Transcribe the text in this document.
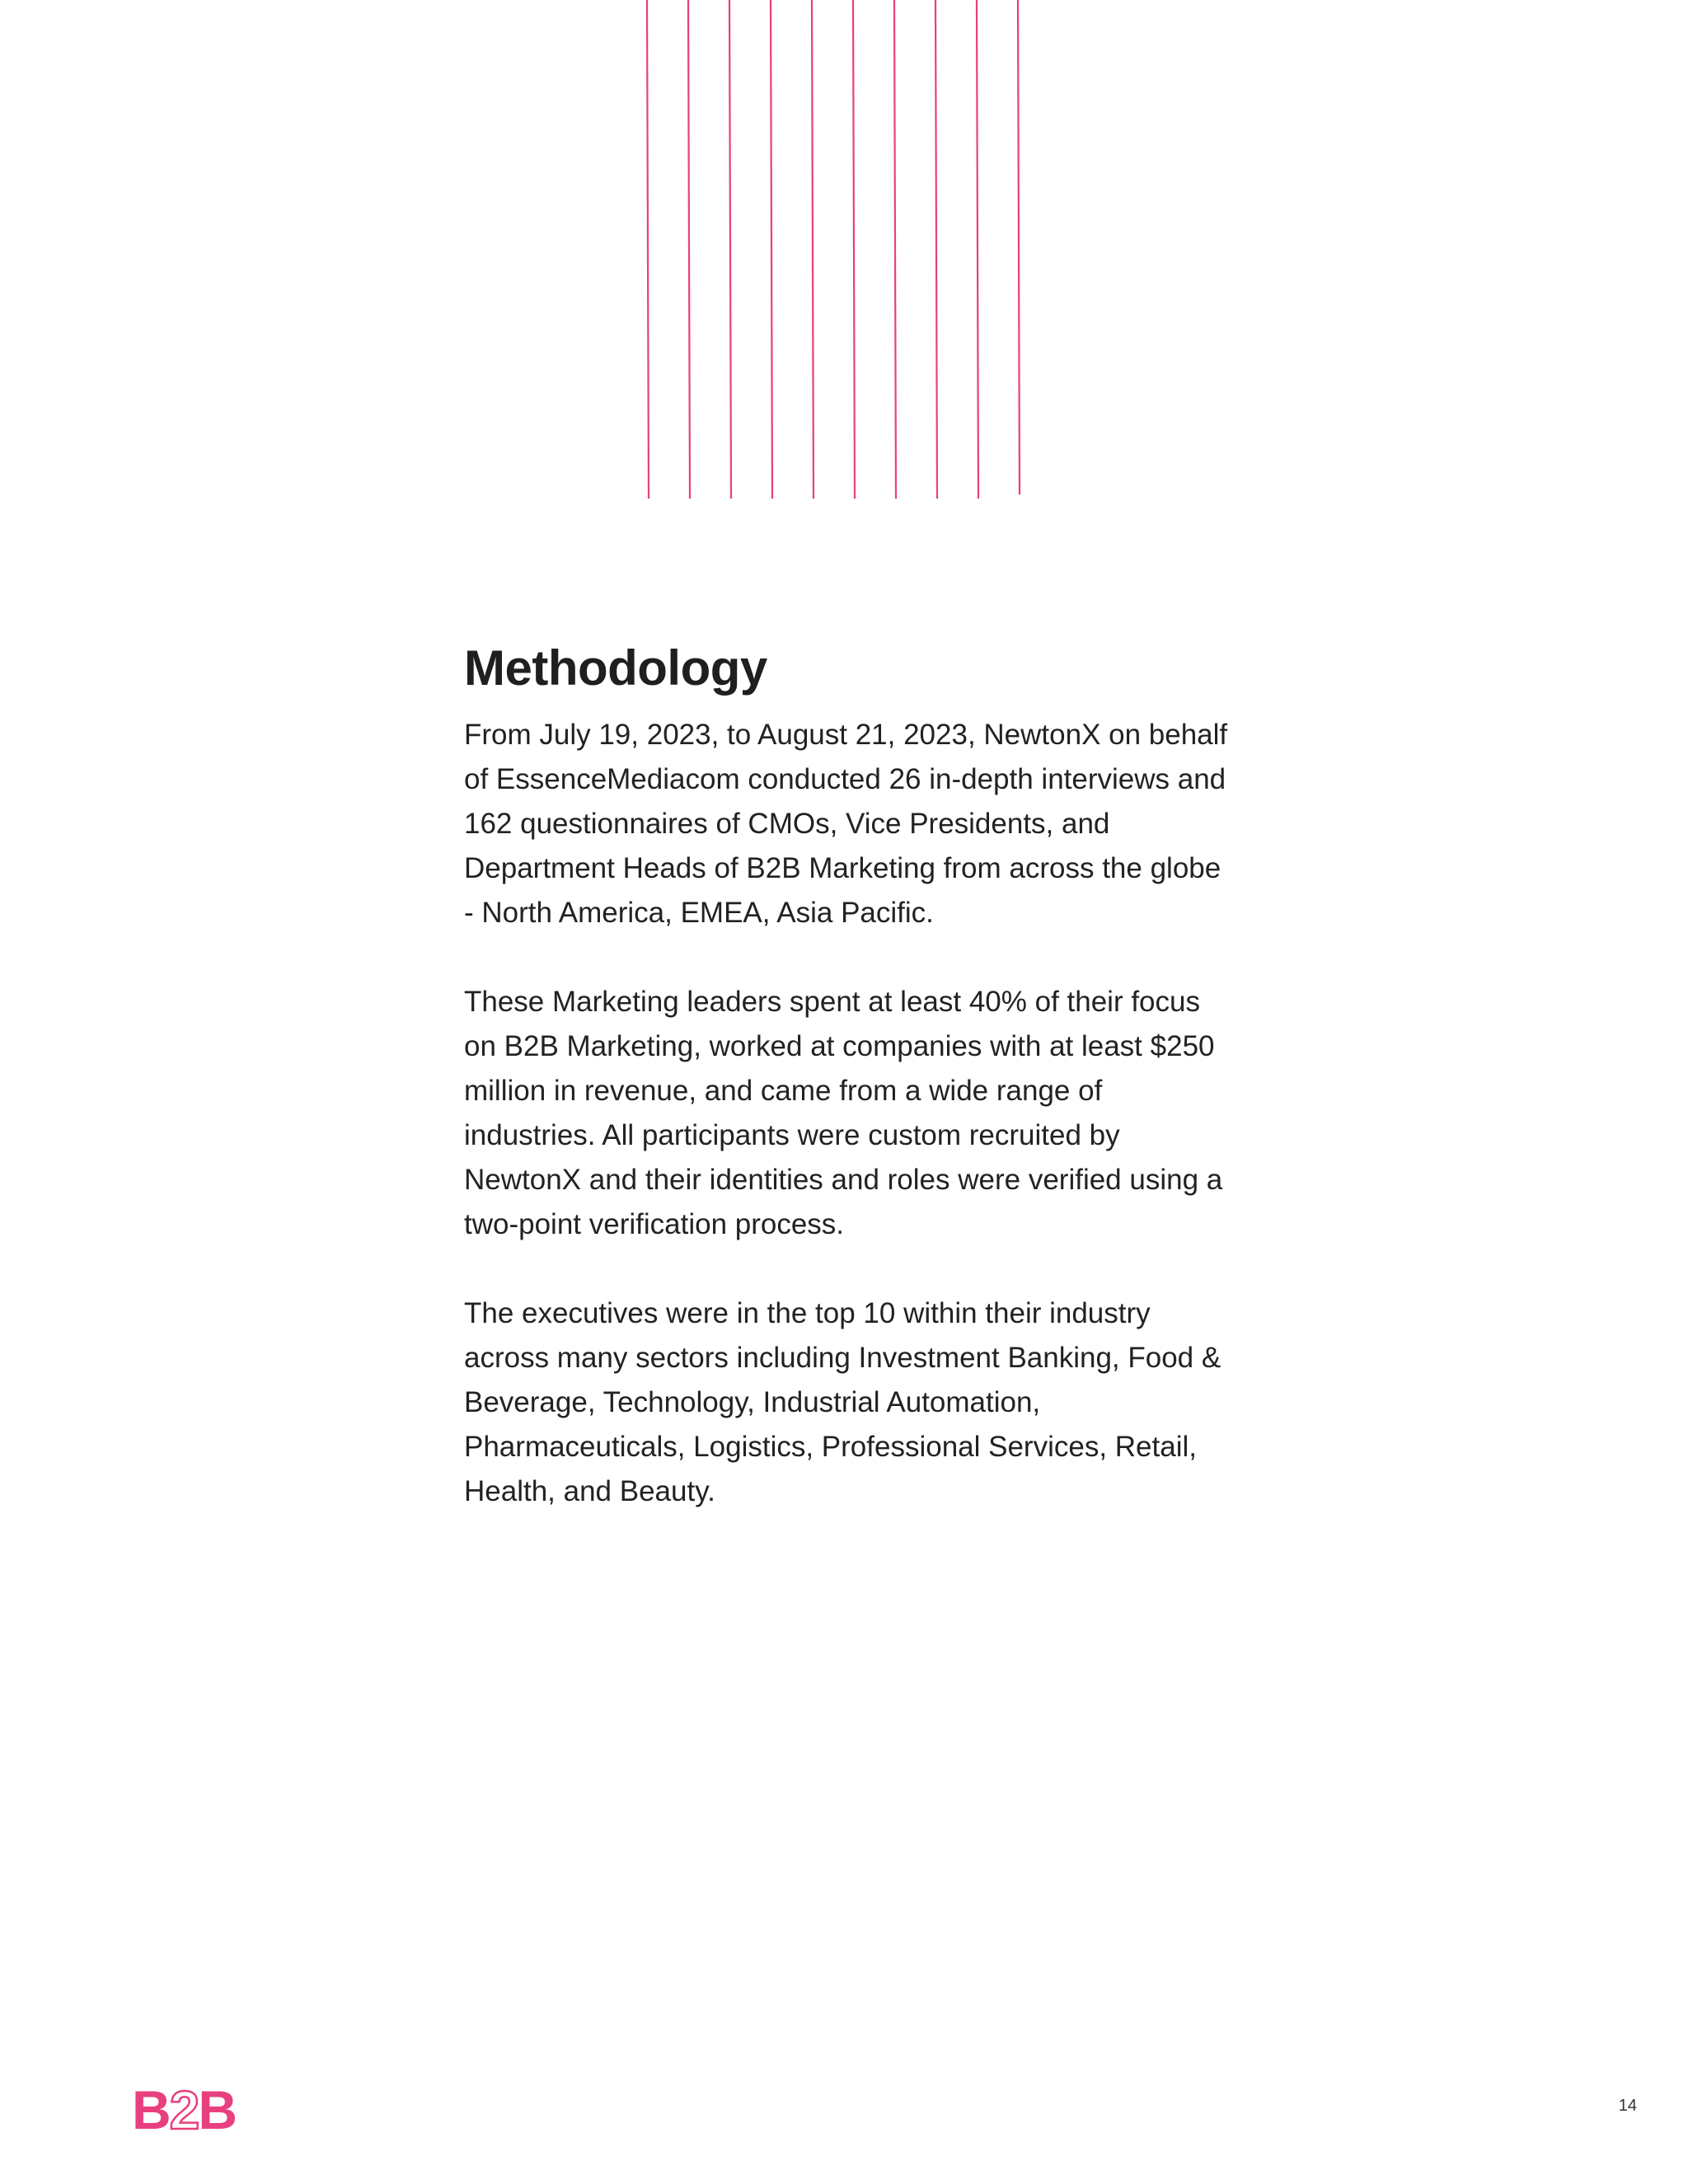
Methodology

From July 19, 2023, to August 21, 2023, NewtonX on behalf of EssenceMediacom conducted 26 in-depth interviews and 162 questionnaires of CMOs, Vice Presidents, and Department Heads of B2B Marketing from across the globe - North America, EMEA, Asia Pacific.

These Marketing leaders spent at least 40% of their focus on B2B Marketing, worked at companies with at least $250 million in revenue, and came from a wide range of industries. All participants were custom recruited by NewtonX and their identities and roles were verified using a two-point verification process.

The executives were in the top 10 within their industry across many sectors including Investment Banking, Food & Beverage, Technology, Industrial Automation, Pharmaceuticals, Logistics, Professional Services, Retail, Health, and Beauty.

B 2 B	14
